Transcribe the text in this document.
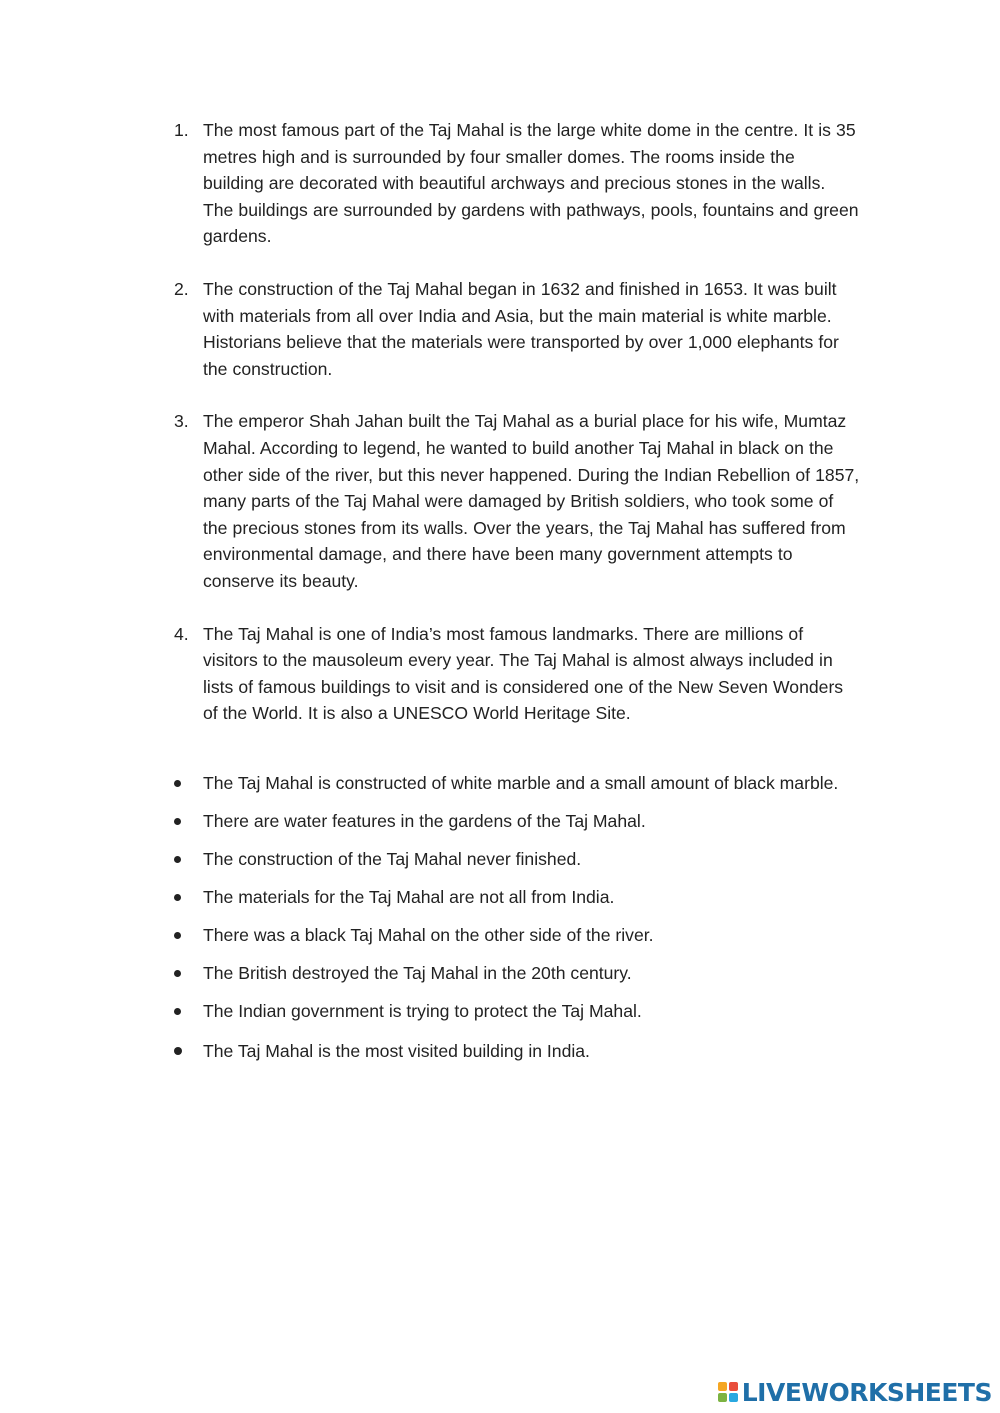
1. The most famous part of the Taj Mahal is the large white dome in the centre. It is 35 metres high and is surrounded by four smaller domes. The rooms inside the building are decorated with beautiful archways and precious stones in the walls. The buildings are surrounded by gardens with pathways, pools, fountains and green gardens.
2. The construction of the Taj Mahal began in 1632 and finished in 1653. It was built with materials from all over India and Asia, but the main material is white marble. Historians believe that the materials were transported by over 1,000 elephants for the construction.
3. The emperor Shah Jahan built the Taj Mahal as a burial place for his wife, Mumtaz Mahal. According to legend, he wanted to build another Taj Mahal in black on the other side of the river, but this never happened. During the Indian Rebellion of 1857, many parts of the Taj Mahal were damaged by British soldiers, who took some of the precious stones from its walls. Over the years, the Taj Mahal has suffered from environmental damage, and there have been many government attempts to conserve its beauty.
4. The Taj Mahal is one of India’s most famous landmarks. There are millions of visitors to the mausoleum every year. The Taj Mahal is almost always included in lists of famous buildings to visit and is considered one of the New Seven Wonders of the World. It is also a UNESCO World Heritage Site.
The Taj Mahal is constructed of white marble and a small amount of black marble.
There are water features in the gardens of the Taj Mahal.
The construction of the Taj Mahal never finished.
The materials for the Taj Mahal are not all from India.
There was a black Taj Mahal on the other side of the river.
The British destroyed the Taj Mahal in the 20th century.
The Indian government is trying to protect the Taj Mahal.
The Taj Mahal is the most visited building in India.
LIVEWORKSHEETS
